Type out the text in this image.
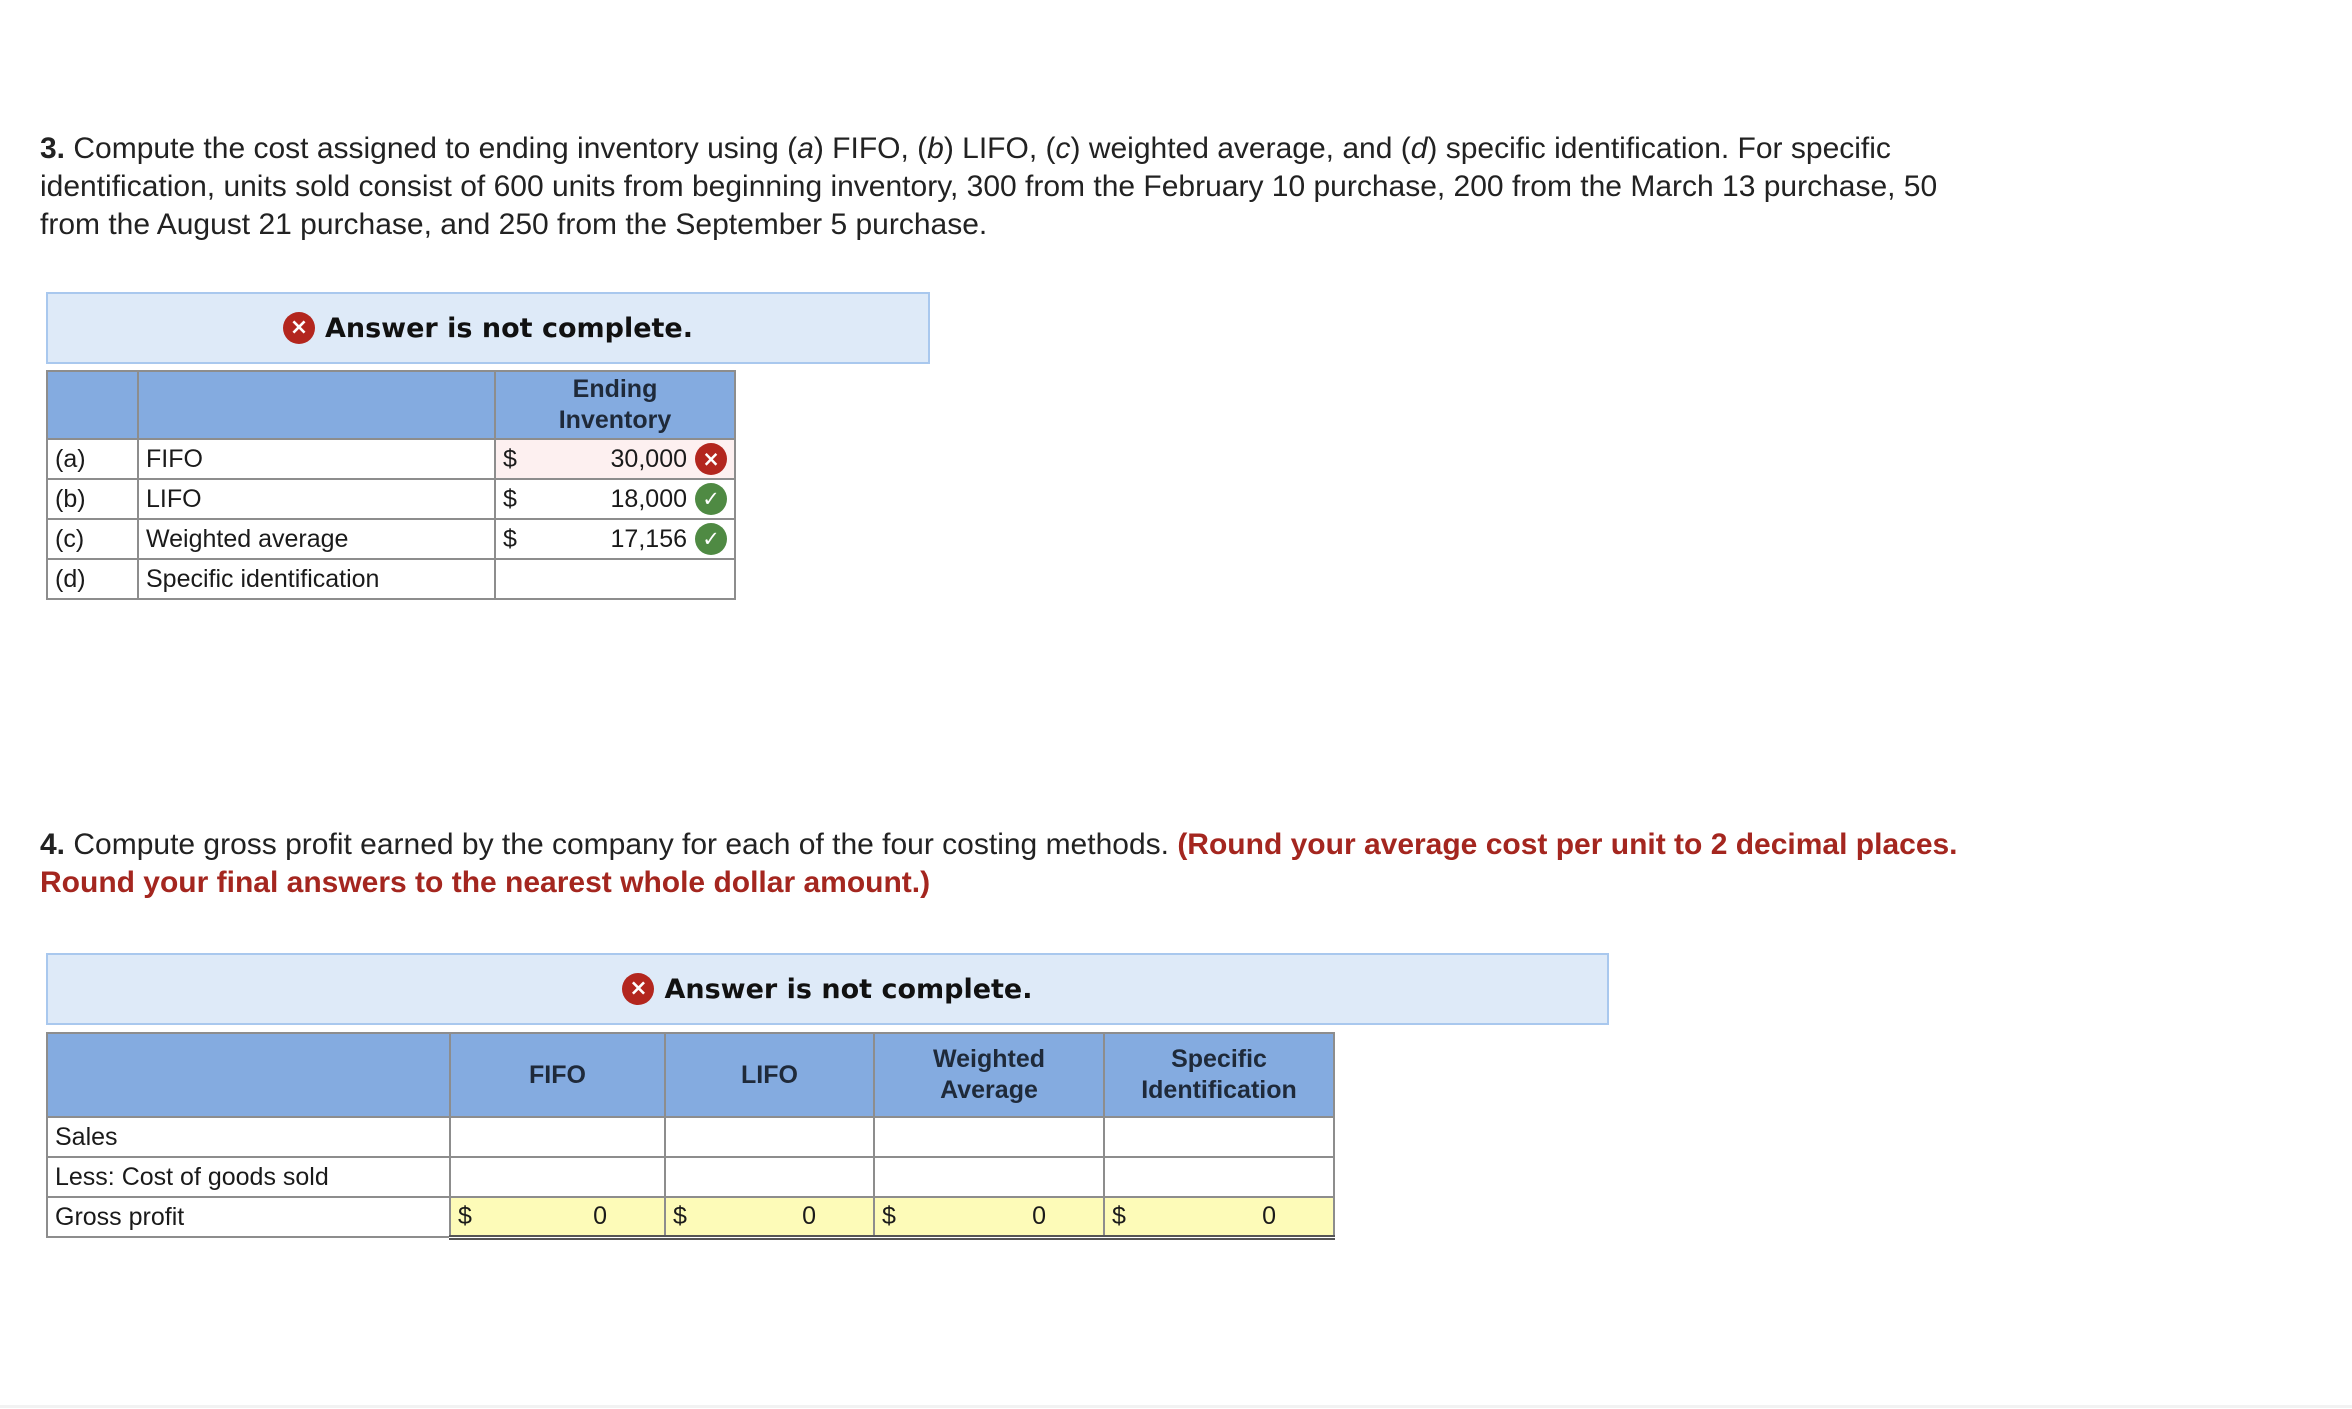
3. Compute the cost assigned to ending inventory using (a) FIFO, (b) LIFO, (c) weighted average, and (d) specific identification. For specific identification, units sold consist of 600 units from beginning inventory, 300 from the February 10 purchase, 200 from the March 13 purchase, 50 from the August 21 purchase, and 250 from the September 5 purchase.
× Answer is not complete.
		Ending Inventory
(a)	FIFO	$ 30,000 ×

(b)	LIFO	$ 18,000 ✓

(c)	Weighted average	$ 17,156 ✓

(d)	Specific identification	
4. Compute gross profit earned by the company for each of the four costing methods. (Round your average cost per unit to 2 decimal places. Round your final answers to the nearest whole dollar amount.)
× Answer is not complete.
	FIFO	LIFO	Weighted Average	Specific Identification
Sales				
Less: Cost of goods sold				
Gross profit	$ 0	$ 0	$ 0	$ 0
